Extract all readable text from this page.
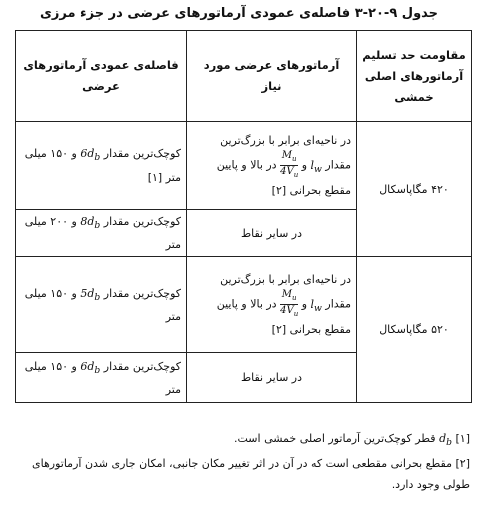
جدول ۹-۲۰-۳ فاصله‌ی عمودی آرماتورهای عرضی در جزء مرزی
مقاومت حد تسلیم آرماتورهای اصلی خمشی	آرماتورهای عرضی مورد نیاز	فاصله‌ی عمودی آرماتورهای عرضی
۴۲۰ مگاپاسکال	در ناحیه‌ای برابر با بزرگ‌ترین مقدار $l_w$ و
$\frac{M_u}{4V_u}$
در بالا و پایین مقطع بحرانی [۲]	کوچک‌ترین مقدار $6d_b$ و ۱۵۰ میلی متر [۱]
	در سایر نقاط	کوچک‌ترین مقدار $8d_b$ و ۲۰۰ میلی متر
۵۲۰ مگاپاسکال	در ناحیه‌ای برابر با بزرگ‌ترین مقدار $l_w$ و
$\frac{M_u}{4V_u}$
در بالا و پایین مقطع بحرانی [۲]	کوچک‌ترین مقدار $5d_b$ و ۱۵۰ میلی متر
	در سایر نقاط	کوچک‌ترین مقدار $6d_b$ و ۱۵۰ میلی متر

[۱] $d_b$ قطر کوچک‌ترین آرماتور اصلی خمشی است.

[۲] مقطع بحرانی مقطعی است که در آن در اثر تغییر مکان جانبی، امکان جاری شدن آرماتورهای طولی وجود دارد.
